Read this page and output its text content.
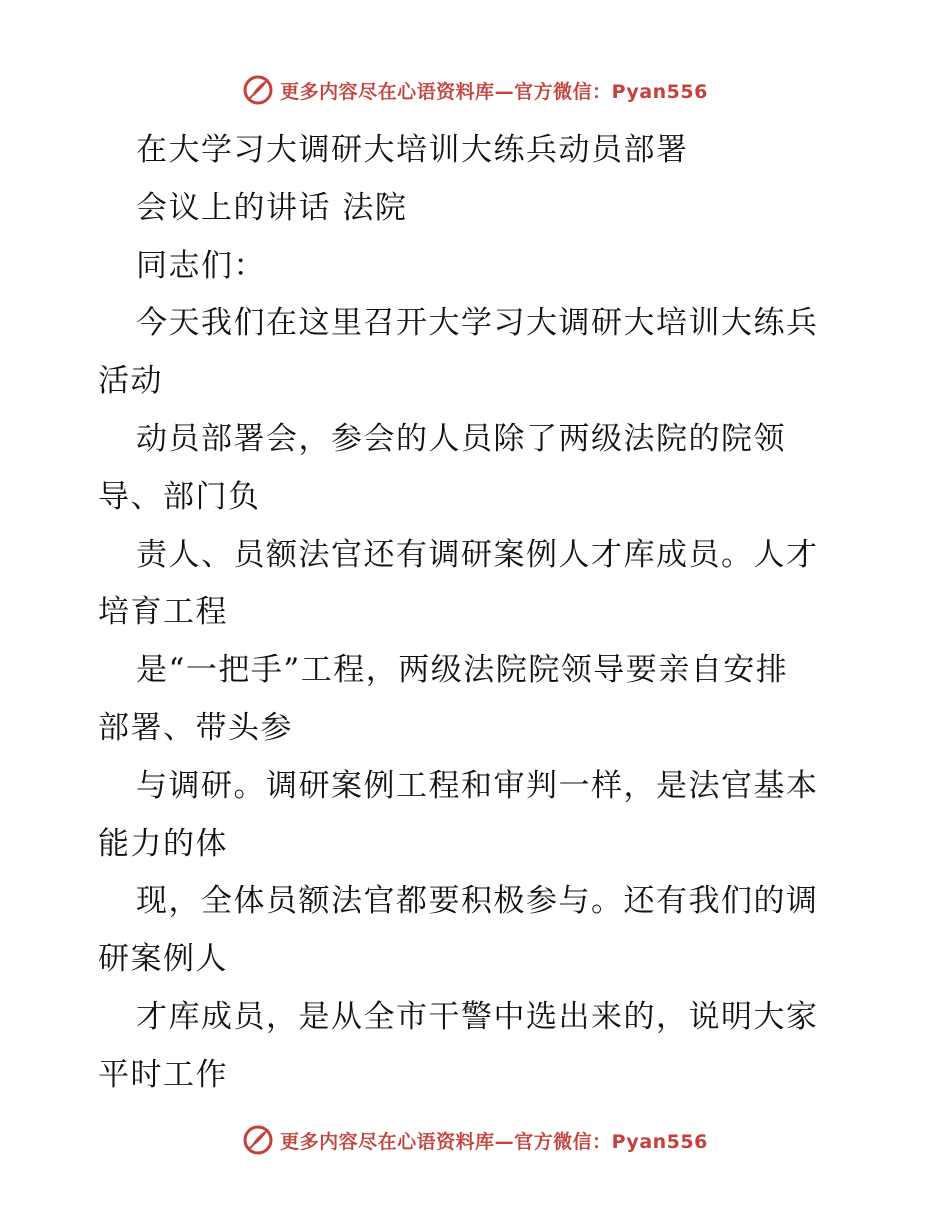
更多内容尽在心语资料库—官方微信：Pyan556
在大学习大调研大培训大练兵动员部署
会议上的讲话 法院
同志们：
今天我们在这里召开大学习大调研大培训大练兵
活动
动员部署会，参会的人员除了两级法院的院领
导、部门负
责人、员额法官还有调研案例人才库成员。人才
培育工程
是“一把手”工程，两级法院院领导要亲自安排
部署、带头参
与调研。调研案例工程和审判一样，是法官基本
能力的体
现，全体员额法官都要积极参与。还有我们的调
研案例人
才库成员，是从全市干警中选出来的，说明大家
平时工作
更多内容尽在心语资料库—官方微信：Pyan556
